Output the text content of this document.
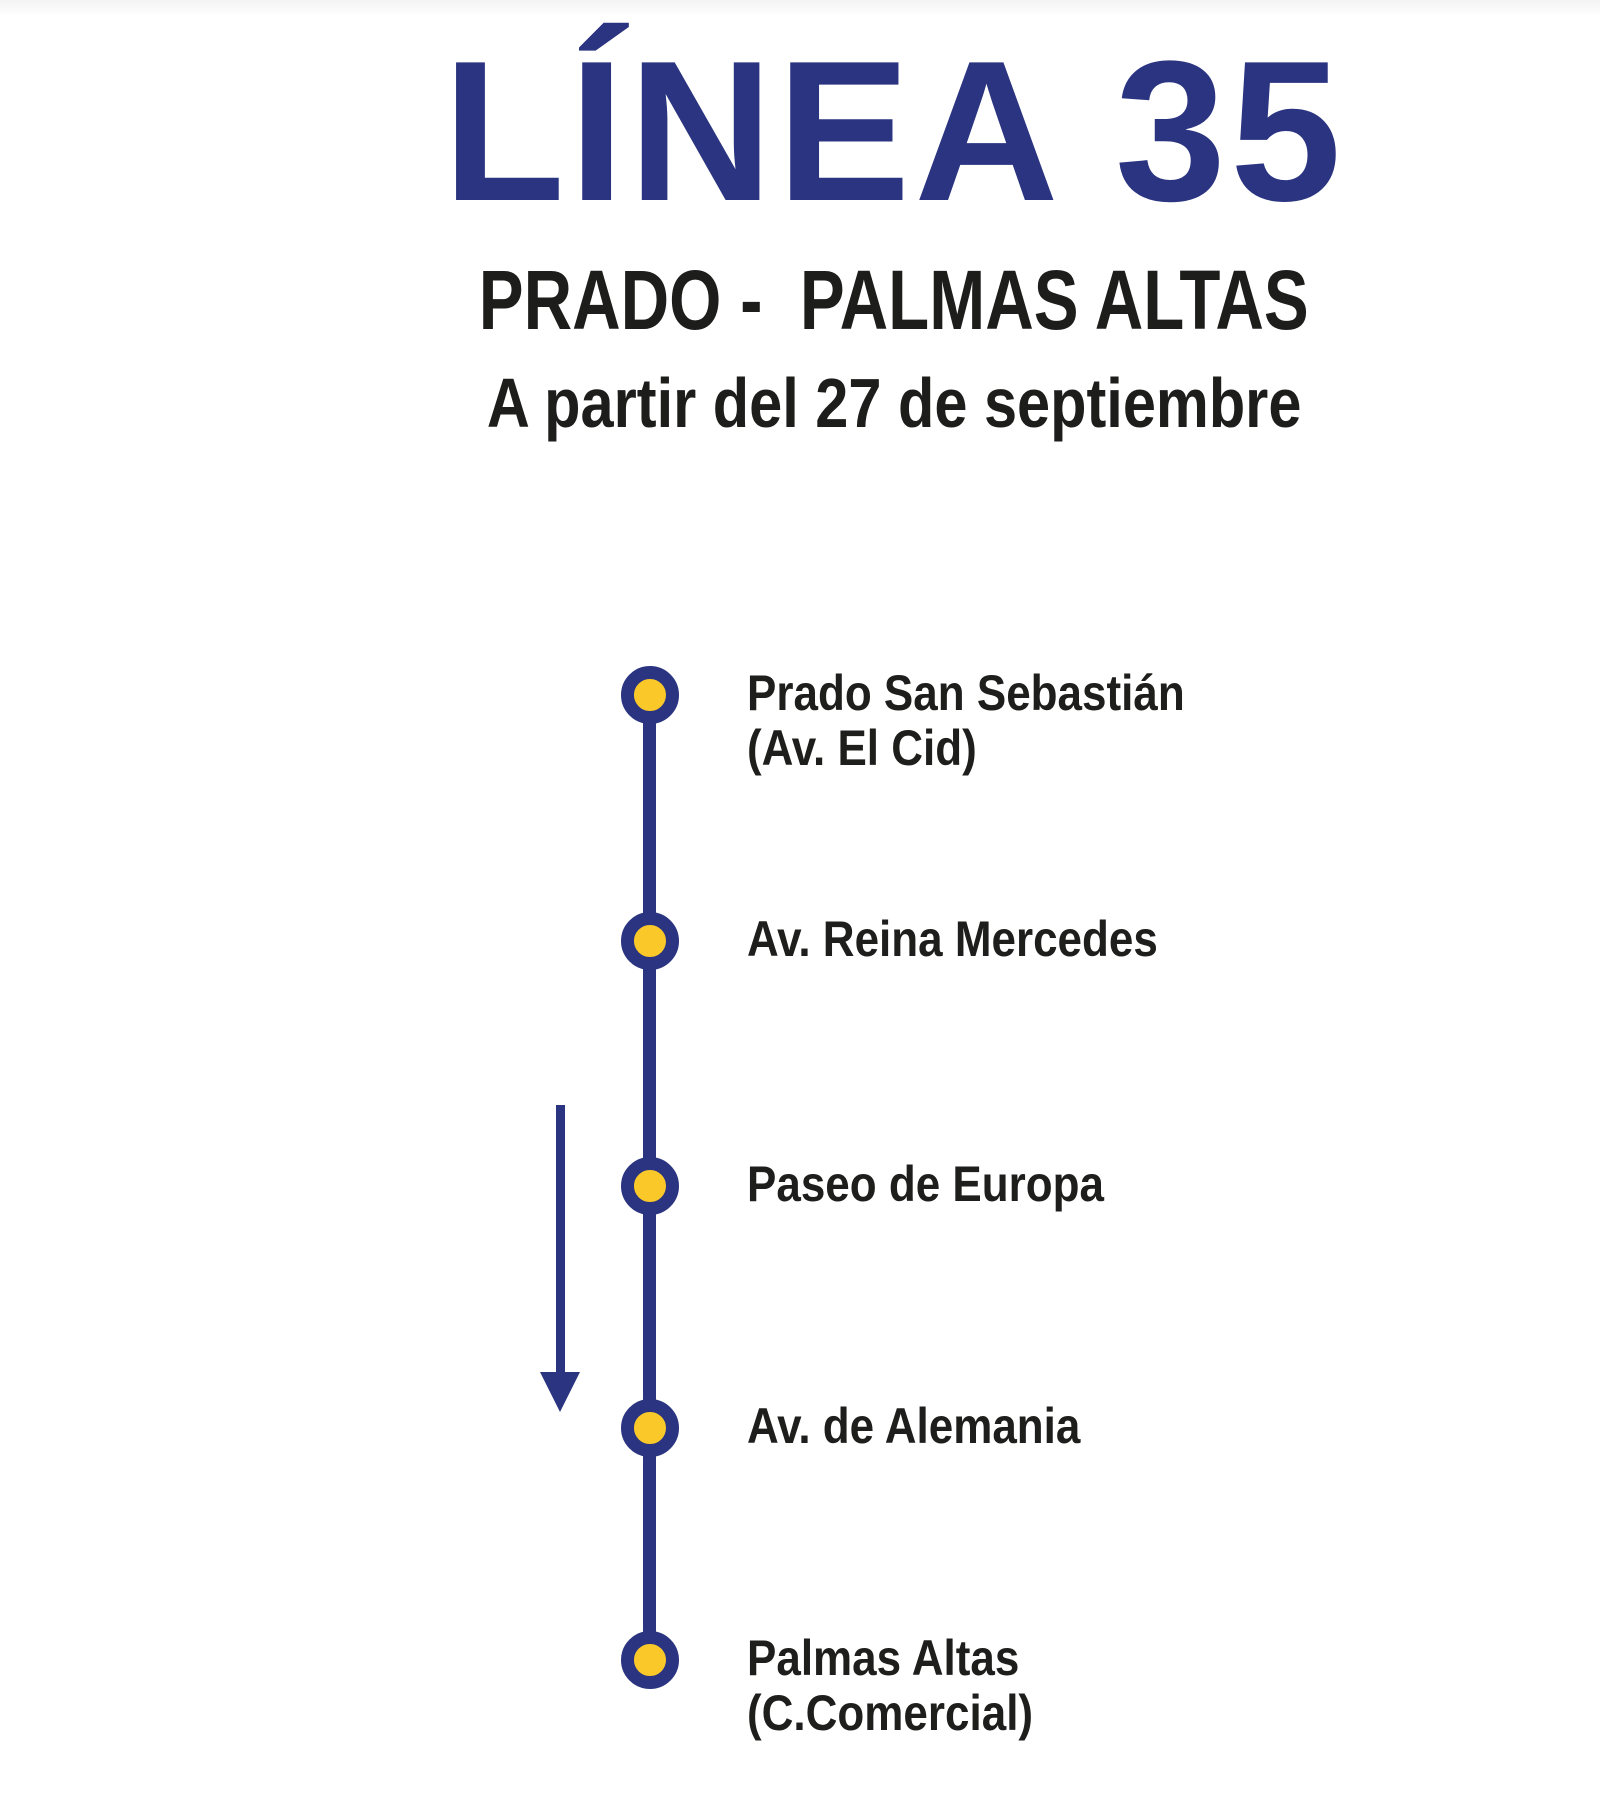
LÍNEA 35
PRADO -  PALMAS ALTAS
A partir del 27 de septiembre
Prado San Sebastián
(Av. El Cid)
Av. Reina Mercedes
Paseo de Europa
Av. de Alemania
Palmas Altas
(C.Comercial)
